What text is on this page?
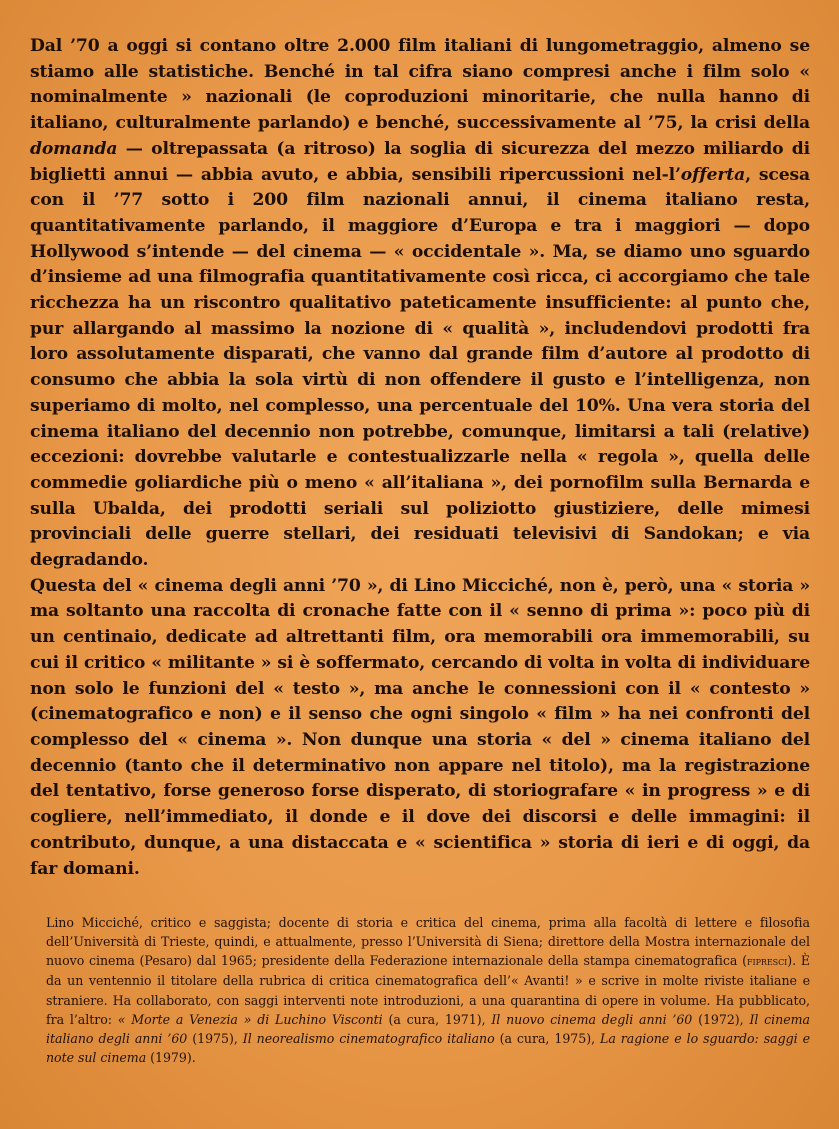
Dal ’70 a oggi si contano oltre 2.000 film italiani di lungometraggio, almeno se stiamo alle statistiche. Benché in tal cifra siano compresi anche i film solo « nominalmente » nazionali (le coproduzioni minoritarie, che nulla hanno di italiano, culturalmente parlando) e benché, successivamente al ’75, la crisi della domanda — oltrepassata (a ritroso) la soglia di sicurezza del mezzo miliardo di biglietti annui — abbia avuto, e abbia, sensibili ripercussioni nel-l’offerta, scesa con il ’77 sotto i 200 film nazionali annui, il cinema italiano resta, quantitativamente parlando, il maggiore d’Europa e tra i maggiori — dopo Hollywood s’intende — del cinema — « occidentale ». Ma, se diamo uno sguardo d’insieme ad una filmografia quantitativamente così ricca, ci accorgiamo che tale ricchezza ha un riscontro qualitativo pateticamente insufficiente: al punto che, pur allargando al massimo la nozione di « qualità », includendovi prodotti fra loro assolutamente disparati, che vanno dal grande film d’autore al prodotto di consumo che abbia la sola virtù di non offendere il gusto e l’intelligenza, non superiamo di molto, nel complesso, una percentuale del 10%. Una vera storia del cinema italiano del decennio non potrebbe, comunque, limitarsi a tali (relative) eccezioni: dovrebbe valutarle e contestualizzarle nella « regola », quella delle commedie goliardiche più o meno « all’italiana », dei pornofilm sulla Bernarda e sulla Ubalda, dei prodotti seriali sul poliziotto giustiziere, delle mimesi provinciali delle guerre stellari, dei residuati televisivi di Sandokan; e via degradando.

Questa del « cinema degli anni ’70 », di Lino Micciché, non è, però, una « storia » ma soltanto una raccolta di cronache fatte con il « senno di prima »: poco più di un centinaio, dedicate ad altrettanti film, ora memorabili ora immemorabili, su cui il critico « militante » si è soffermato, cercando di volta in volta di individuare non solo le funzioni del « testo », ma anche le connessioni con il « contesto » (cinematografico e non) e il senso che ogni singolo « film » ha nei confronti del complesso del « cinema ». Non dunque una storia « del » cinema italiano del decennio (tanto che il determinativo non appare nel titolo), ma la registrazione del tentativo, forse generoso forse disperato, di storiografare « in progress » e di cogliere, nell’immediato, il donde e il dove dei discorsi e delle immagini: il contributo, dunque, a una distaccata e « scientifica » storia di ieri e di oggi, da far domani.

Lino Micciché, critico e saggista; docente di storia e critica del cinema, prima alla facoltà di lettere e filosofia dell’Università di Trieste, quindi, e attualmente, presso l’Università di Siena; direttore della Mostra internazionale del nuovo cinema (Pesaro) dal 1965; presidente della Federazione internazionale della stampa cinematografica (fipresci). È da un ventennio il titolare della rubrica di critica cinematografica dell’« Avanti! » e scrive in molte riviste italiane e straniere. Ha collaborato, con saggi interventi note introduzioni, a una quarantina di opere in volume. Ha pubblicato, fra l’altro: « Morte a Venezia » di Luchino Visconti (a cura, 1971), Il nuovo cinema degli anni ’60 (1972), Il cinema italiano degli anni ’60 (1975), Il neorealismo cinematografico italiano (a cura, 1975), La ragione e lo sguardo: saggi e note sul cinema (1979).
